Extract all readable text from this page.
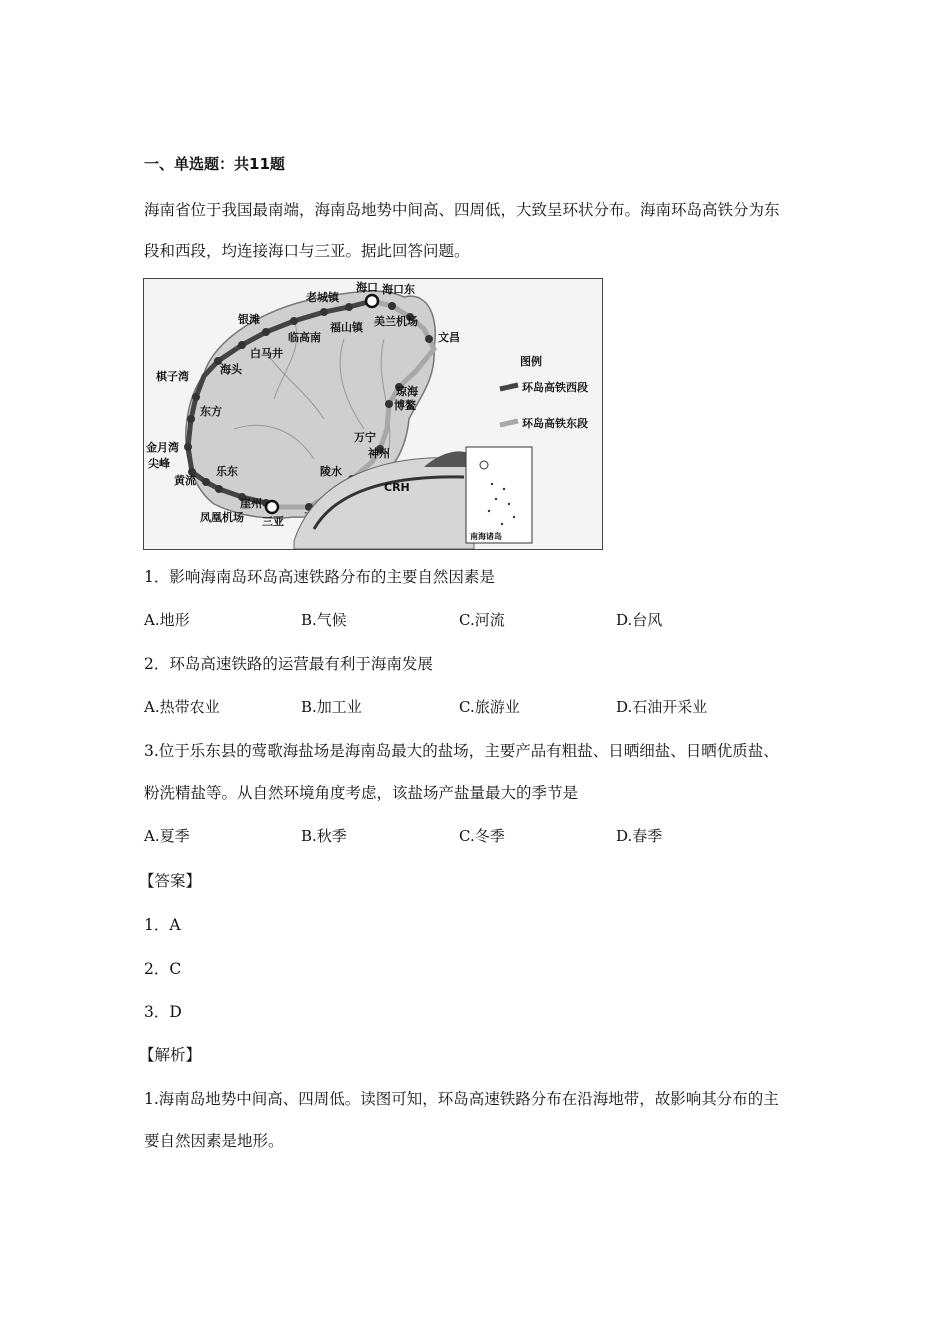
一、单选题：共11题
海南省位于我国最南端，海南岛地势中间高、四周低，大致呈环状分布。海南环岛高铁分为东
段和西段，均连接海口与三亚。据此回答问题。
海口 海口东
老城镇
美兰机场
福山镇
银滩
临高南	文昌
白马井
海头
棋子湾
琼海
博鳌
东方
万宁
金月湾	神州
尖峰
乐东
黄流
陵水
崖州
凤凰机场 三亚
图例
环岛高铁西段
环岛高铁东段
CRH
南海诸岛
1．影响海南岛环岛高速铁路分布的主要自然因素是
A.地形	B.气候	C.河流	D.台风
2．环岛高速铁路的运营最有利于海南发展
A.热带农业	B.加工业	C.旅游业	D.石油开采业
3.位于乐东县的莺歌海盐场是海南岛最大的盐场，主要产品有粗盐、日晒细盐、日晒优质盐、
粉洗精盐等。从自然环境角度考虑，该盐场产盐量最大的季节是
A.夏季	B.秋季	C.冬季	D.春季
【答案】
1．A
2．C
3．D
【解析】
1.海南岛地势中间高、四周低。读图可知，环岛高速铁路分布在沿海地带，故影响其分布的主
要自然因素是地形。
